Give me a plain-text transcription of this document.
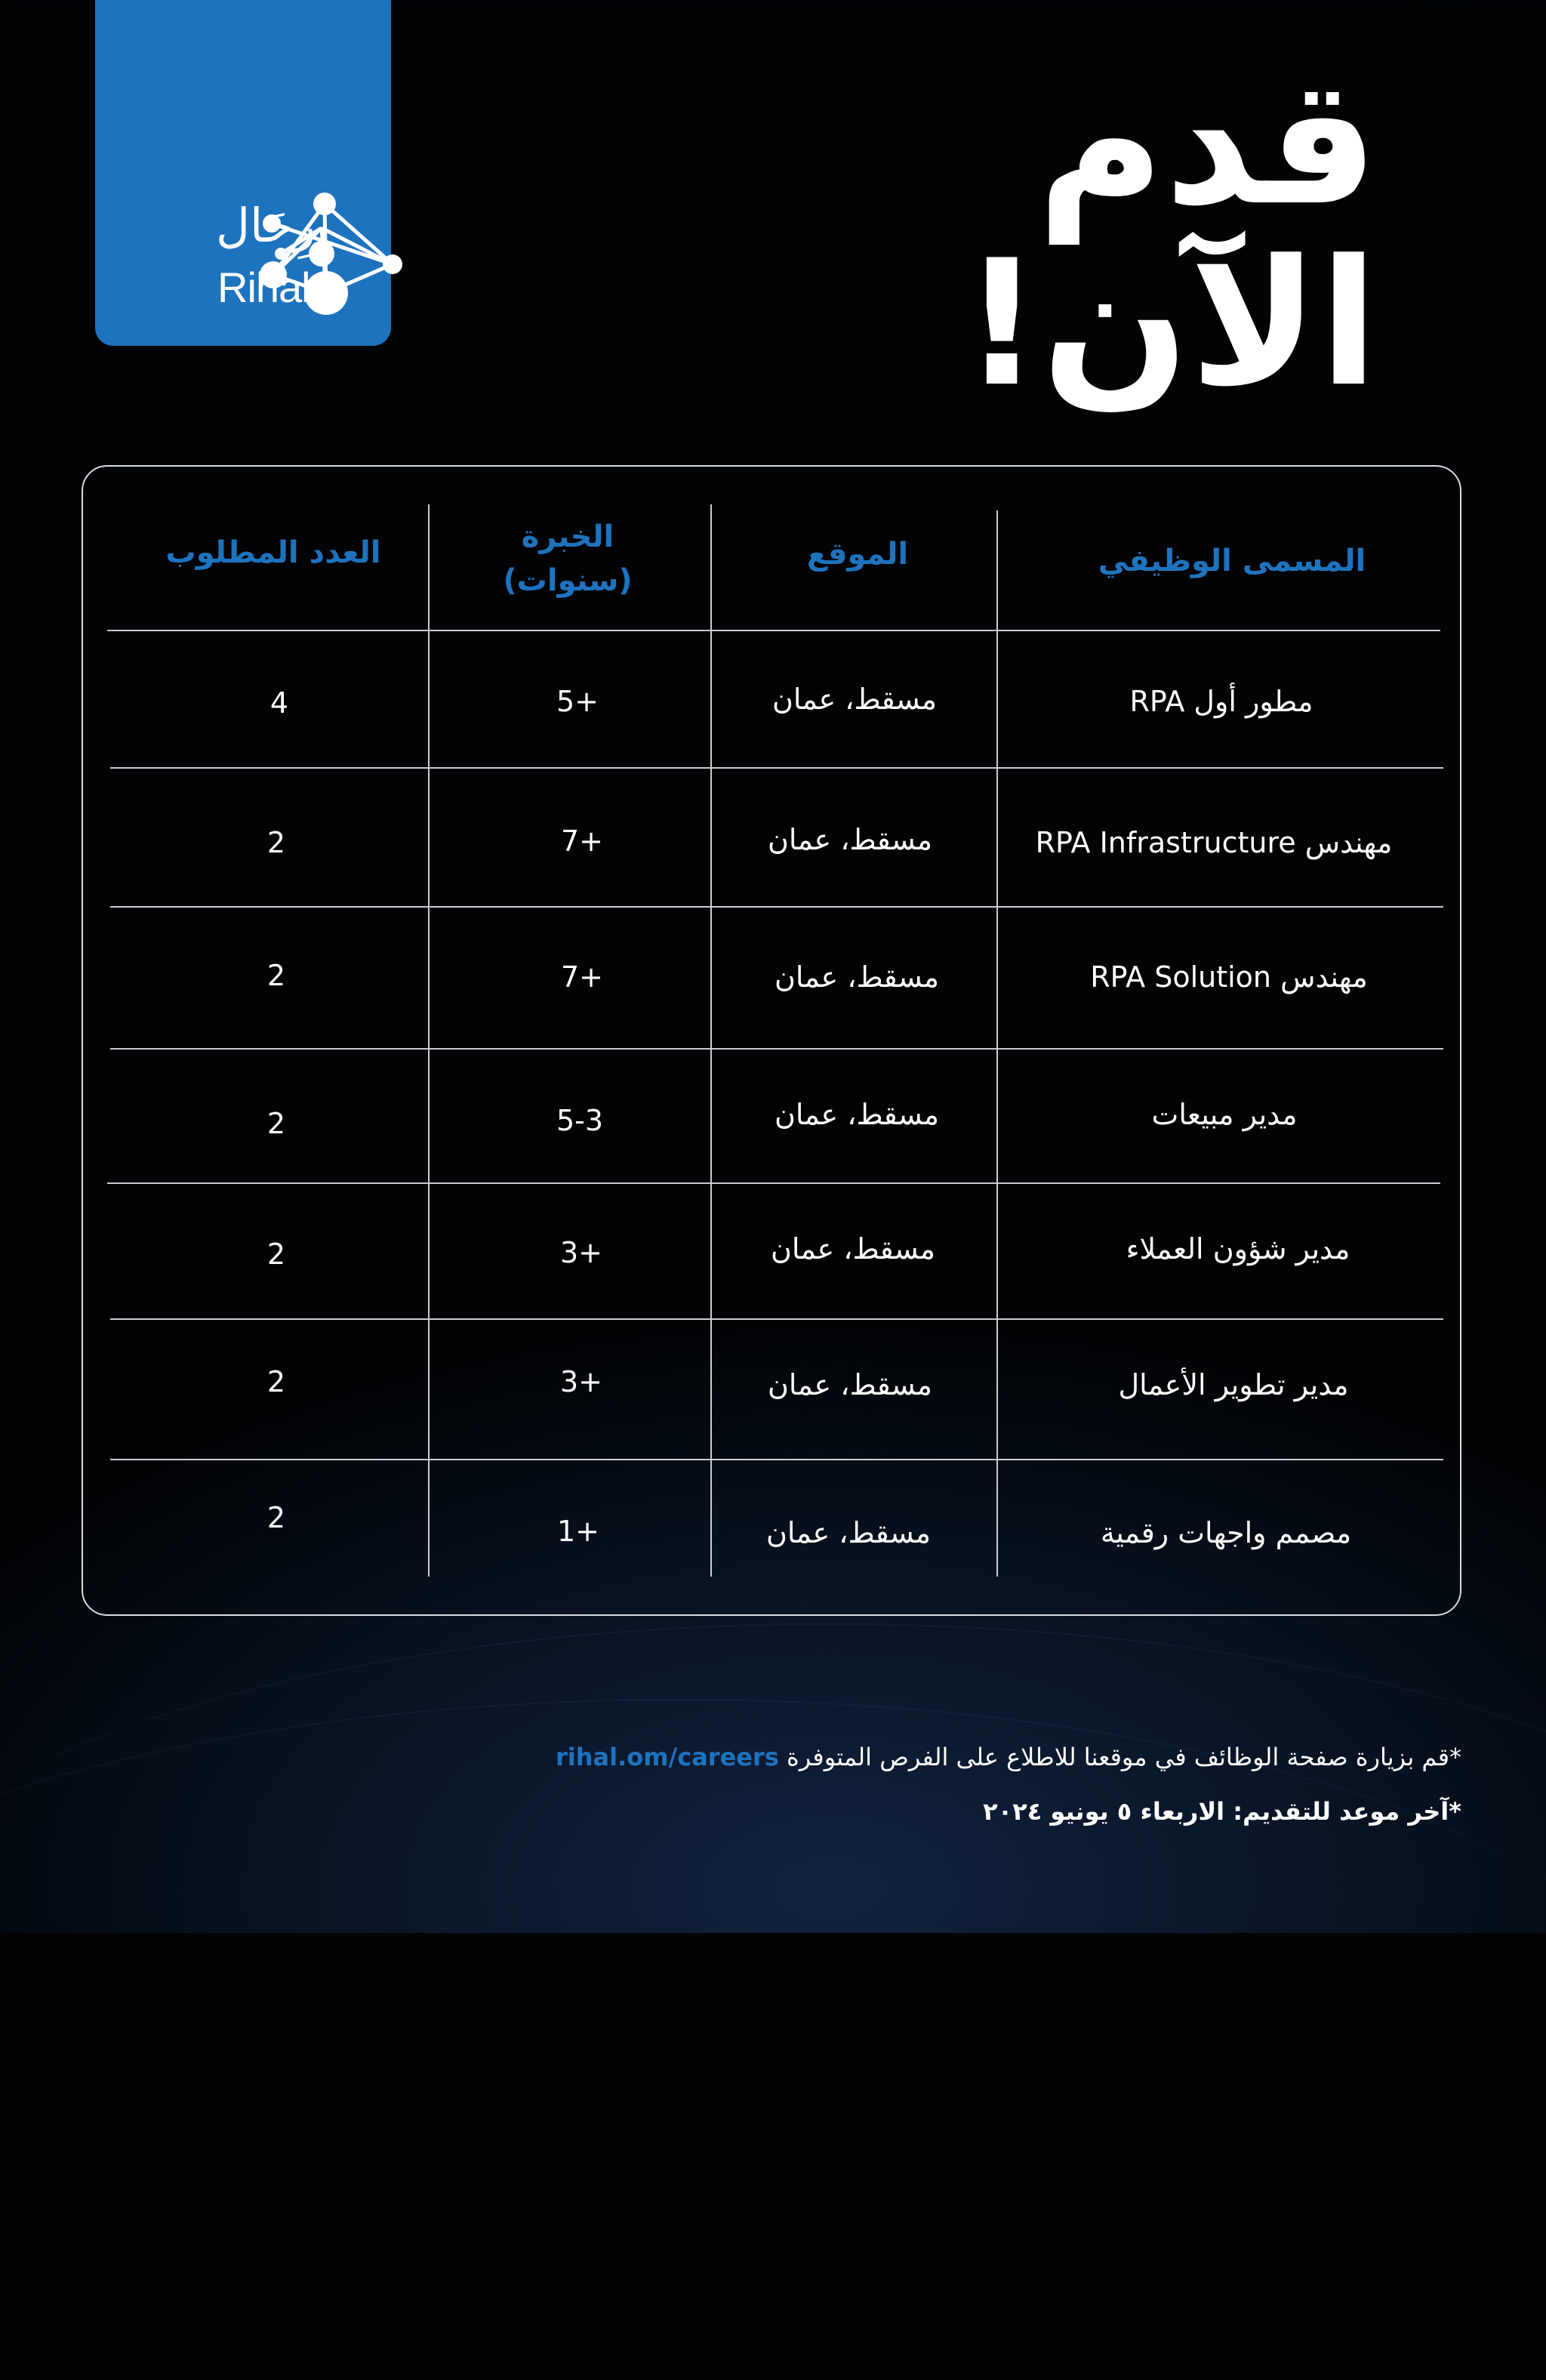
رِحَال
Rihal
قدم
الآن!
المسمى الوظيفي
الموقع
الخبرة
(سنوات)
العدد المطلوب
مطور أول RPA
مسقط، عمان
+5
4
مهندس RPA Infrastructure
مسقط، عمان
+7
2
مهندس RPA Solution
مسقط، عمان
+7
2
مدير مبيعات
مسقط، عمان
5-3
2
مدير شؤون العملاء
مسقط، عمان
+3
2
مدير تطوير الأعمال
مسقط، عمان
+3
2
مصمم واجهات رقمية
مسقط، عمان
+1
2
*قم بزيارة صفحة الوظائف في موقعنا للاطلاع على الفرص المتوفرة rihal.om/careers
*آخر موعد للتقديم: الاربعاء ٥ يونيو ٢٠٢٤
